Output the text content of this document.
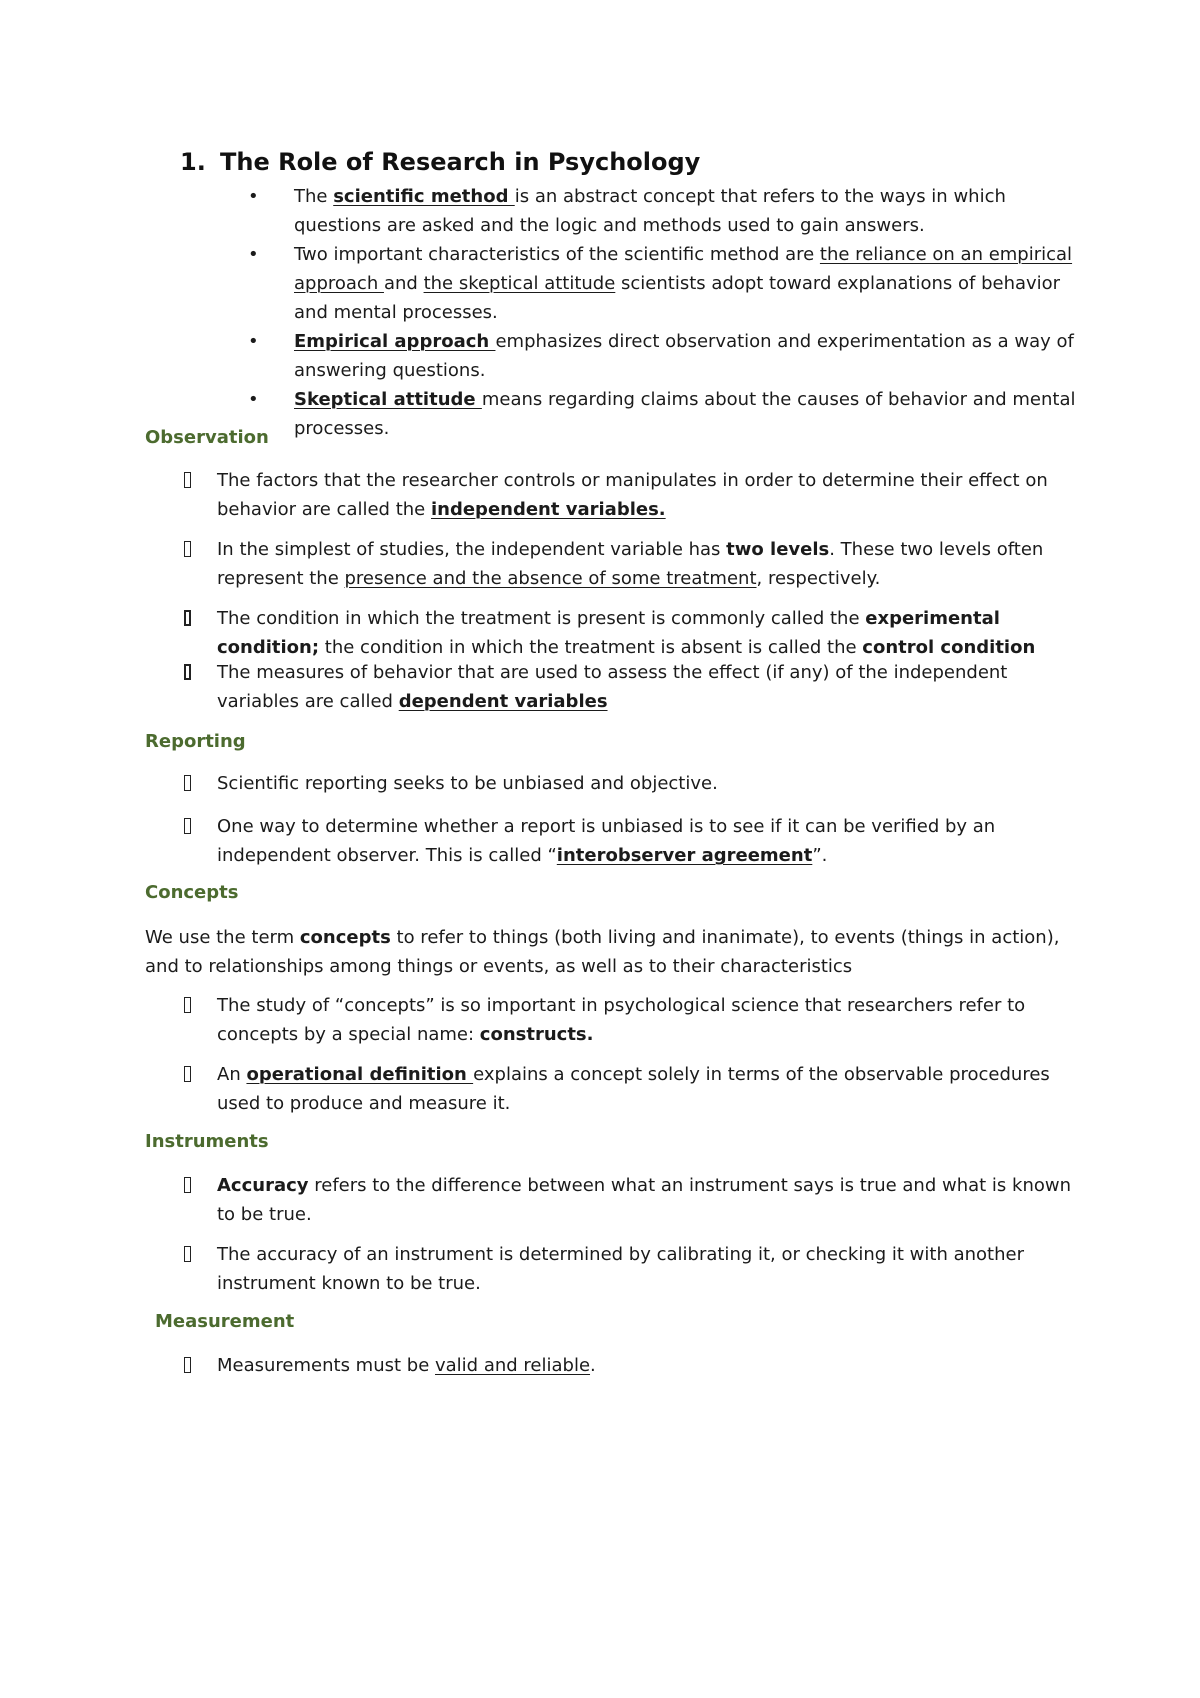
1. The Role of Research in Psychology
• The scientific method is an abstract concept that refers to the ways in which questions are asked and the logic and methods used to gain answers.
• Two important characteristics of the scientific method are the reliance on an empirical approach and the skeptical attitude scientists adopt toward explanations of behavior and mental processes.
• Empirical approach emphasizes direct observation and experimentation as a way of answering questions.
• Skeptical attitude means regarding claims about the causes of behavior and mental processes.
Observation
The factors that the researcher controls or manipulates in order to determine their effect on behavior are called the independent variables.
In the simplest of studies, the independent variable has two levels. These two levels often represent the presence and the absence of some treatment, respectively.
The condition in which the treatment is present is commonly called the experimental condition; the condition in which the treatment is absent is called the control condition
The measures of behavior that are used to assess the effect (if any) of the independent variables are called dependent variables
Reporting
Scientific reporting seeks to be unbiased and objective.
One way to determine whether a report is unbiased is to see if it can be verified by an independent observer. This is called “interobserver agreement”.
Concepts

We use the term concepts to refer to things (both living and inanimate), to events (things in action), and to relationships among things or events, as well as to their characteristics

The study of “concepts” is so important in psychological science that researchers refer to concepts by a special name: constructs.
An operational definition explains a concept solely in terms of the observable procedures used to produce and measure it.
Instruments
Accuracy refers to the difference between what an instrument says is true and what is known to be true.
The accuracy of an instrument is determined by calibrating it, or checking it with another instrument known to be true.
Measurement
Measurements must be valid and reliable.
